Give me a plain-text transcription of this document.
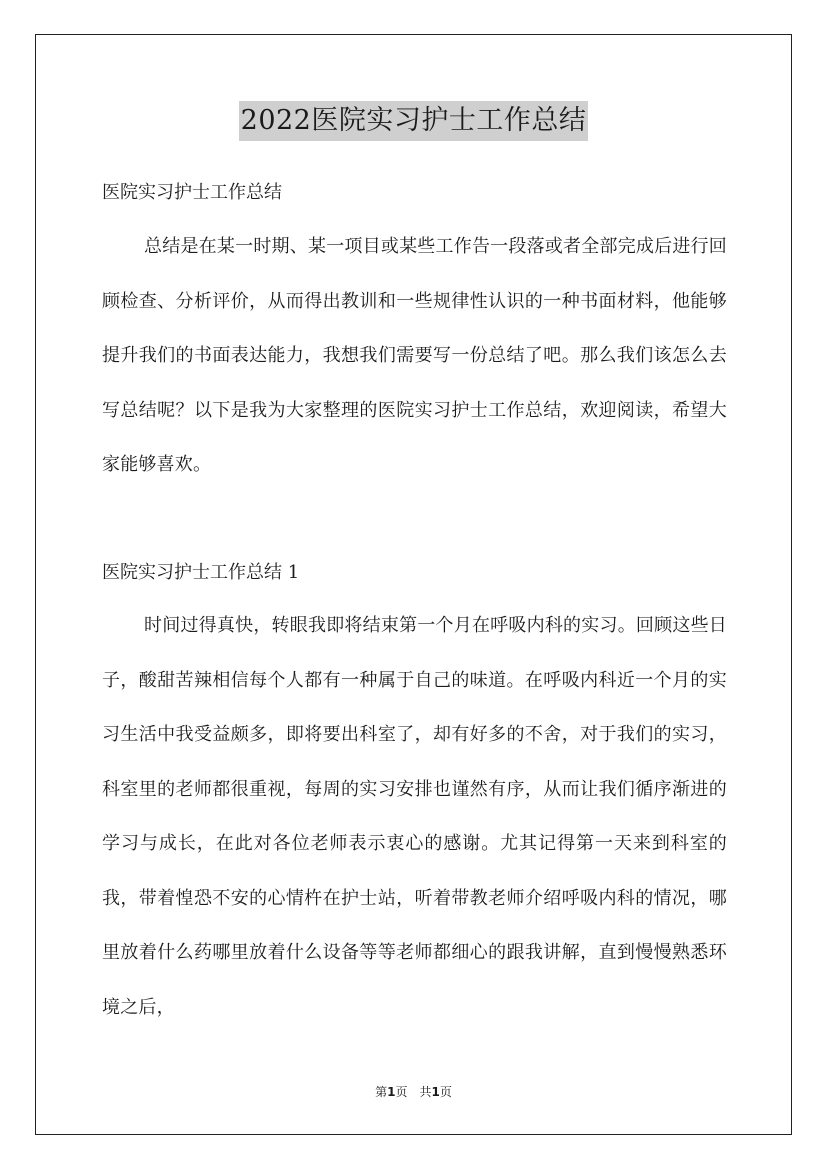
2022医院实习护士工作总结
医院实习护士工作总结
总结是在某一时期、某一项目或某些工作告一段落或者全部完成后进行回顾检查、分析评价，从而得出教训和一些规律性认识的一种书面材料，他能够提升我们的书面表达能力，我想我们需要写一份总结了吧。那么我们该怎么去写总结呢？以下是我为大家整理的医院实习护士工作总结，欢迎阅读，希望大家能够喜欢。
医院实习护士工作总结 1
时间过得真快，转眼我即将结束第一个月在呼吸内科的实习。回顾这些日子，酸甜苦辣相信每个人都有一种属于自己的味道。在呼吸内科近一个月的实习生活中我受益颇多，即将要出科室了，却有好多的不舍，对于我们的实习，科室里的老师都很重视，每周的实习安排也谨然有序，从而让我们循序渐进的学习与成长，在此对各位老师表示衷心的感谢。尤其记得第一天来到科室的我，带着惶恐不安的心情杵在护士站，听着带教老师介绍呼吸内科的情况，哪里放着什么药哪里放着什么设备等等老师都细心的跟我讲解，直到慢慢熟悉环境之后，
第1页 共1页
